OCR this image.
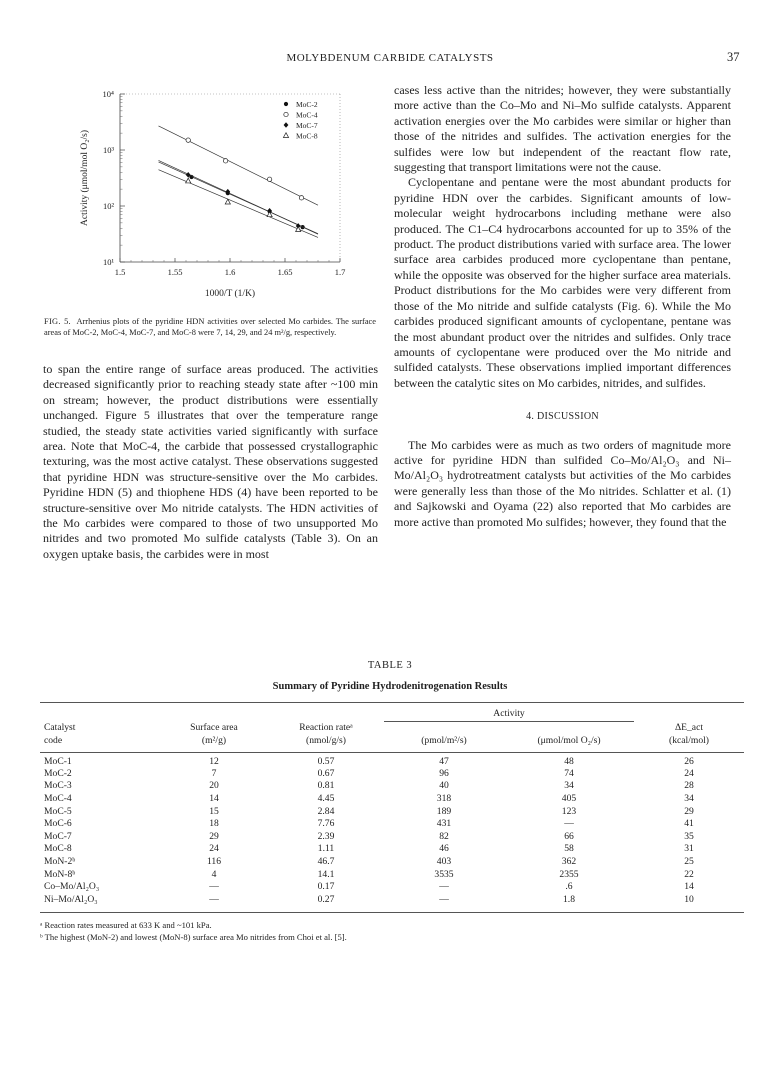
MOLYBDENUM CARBIDE CATALYSTS	37
1.5	1.55	1.6	1.65	1.7
10¹
10²
10³
10⁴
1000/T (1/K)
Activity (μmol/mol O₂/s)
MoC-2
MoC-4
MoC-7
MoC-8
FIG. 5. Arrhenius plots of the pyridine HDN activities over selected Mo carbides. The surface areas of MoC-2, MoC-4, MoC-7, and MoC-8 were 7, 14, 29, and 24 m²/g, respectively.

to span the entire range of surface areas produced. The activities decreased significantly prior to reaching steady state after ~100 min on stream; however, the product distributions were essentially unchanged. Figure 5 illustrates that over the temperature range studied, the steady state activities varied significantly with surface area. Note that MoC-4, the carbide that possessed crystallographic texturing, was the most active catalyst. These observations suggested that pyridine HDN was structure-sensitive over the Mo carbides. Pyridine HDN (5) and thiophene HDS (4) have been reported to be structure-sensitive over Mo nitride catalysts. The HDN activities of the Mo carbides were compared to those of two unsupported Mo nitrides and two promoted Mo sulfide catalysts (Table 3). On an oxygen uptake basis, the carbides were in most

cases less active than the nitrides; however, they were substantially more active than the Co–Mo and Ni–Mo sulfide catalysts. Apparent activation energies over the Mo carbides were similar or higher than those of the nitrides and sulfides. The activation energies for the sulfides were low but independent of the reactant flow rate, suggesting that transport limitations were not the cause.

Cyclopentane and pentane were the most abundant products for pyridine HDN over the carbides. Significant amounts of low-molecular weight hydrocarbons including methane were also produced. The C1–C4 hydrocarbons accounted for up to 35% of the product. The product distributions varied with surface area. The lower surface area carbides produced more cyclopentane than pentane, while the opposite was observed for the higher surface area materials. Product distributions for the Mo carbides were very different from those of the Mo nitride and sulfide catalysts (Fig. 6). While the Mo carbides produced significant amounts of cyclopentane, pentane was the most abundant product over the nitrides and sulfides. Only trace amounts of cyclopentane were produced over the Mo nitride and sulfided catalysts. These observations implied important differences between the catalytic sites on Mo carbides, nitrides, and sulfides.

4. DISCUSSION

The Mo carbides were as much as two orders of magnitude more active for pyridine HDN than sulfided Co–Mo/Al₂O₃ and Ni–Mo/Al₂O₃ hydrotreatment catalysts but activities of the Mo carbides were generally less than those of the Mo nitrides. Schlatter et al. (1) and Sajkowski and Oyama (22) also reported that Mo carbides are more active than promoted Mo sulfides; however, they found that the

TABLE 3
Summary of Pyridine Hydrodenitrogenation Results
			Activity		
Catalyst	Surface area	Reaction rateᵃ			ΔE_act
code	(m²/g)	(nmol/g/s)	(pmol/m²/s)	(μmol/mol O₂/s)	(kcal/mol)

MoC-1	12	0.57	47	48	26
MoC-2	7	0.67	96	74	24
MoC-3	20	0.81	40	34	28
MoC-4	14	4.45	318	405	34
MoC-5	15	2.84	189	123	29
MoC-6	18	7.76	431	—	41
MoC-7	29	2.39	82	66	35
MoC-8	24	1.11	46	58	31
MoN-2ᵇ	116	46.7	403	362	25
MoN-8ᵇ	4	14.1	3535	2355	22
Co–Mo/Al₂O₃	—	0.17	—	.6	14
Ni–Mo/Al₂O₃	—	0.27	—	1.8	10

ᵃ Reaction rates measured at 633 K and ~101 kPa.
ᵇ The highest (MoN-2) and lowest (MoN-8) surface area Mo nitrides from Choi et al. [5].
